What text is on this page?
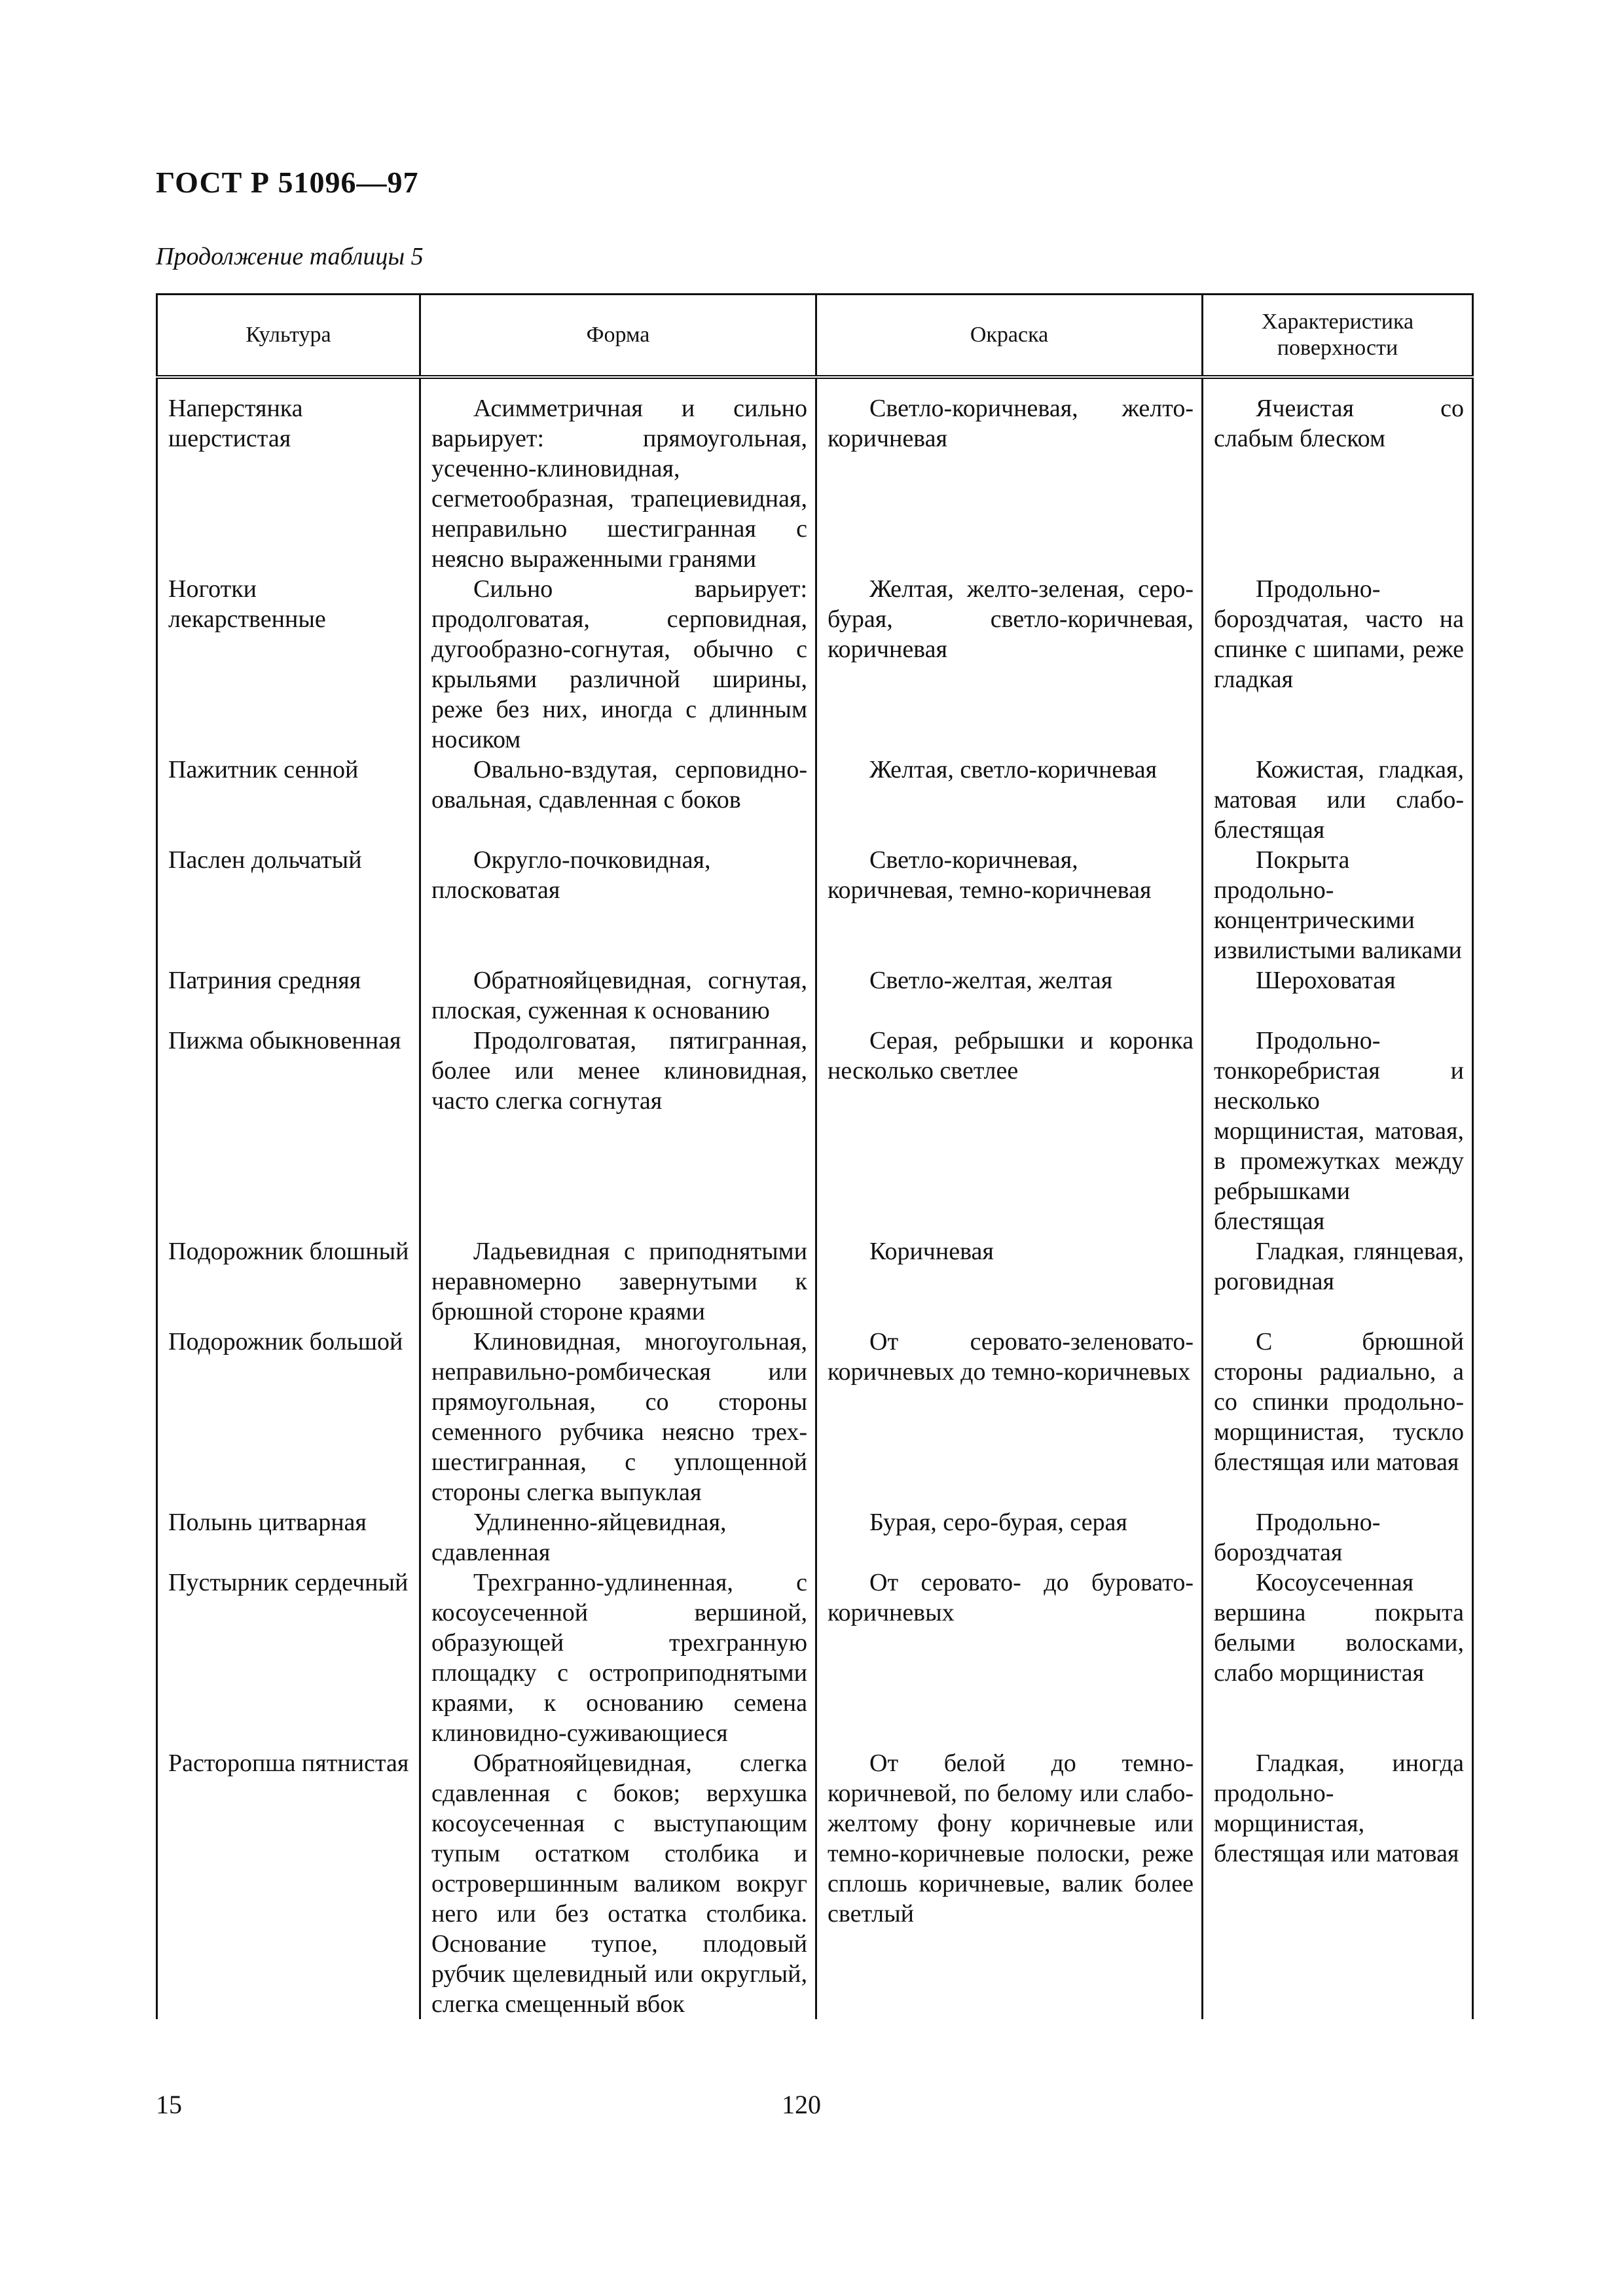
ГОСТ Р 51096—97
Продолжение таблицы 5
Культура	Форма	Окраска	Характеристика поверхности
Наперстянка шерстистая	Асимметричная и сильно варьирует: прямоугольная, усеченно-клиновидная, сегметообразная, трапециевидная, неправильно шестигранная с неясно выраженными гранями	Светло-коричневая, желто-коричневая	Ячеистая со слабым блеском
Ноготки лекарственные	Сильно варьирует: продолговатая, серповидная, дугообразно-согнутая, обычно с крыльями различной ширины, реже без них, иногда с длинным носиком	Желтая, желто-зеленая, серо-бурая, светло-коричневая, коричневая	Продольно-бороздчатая, часто на спинке с шипами, реже гладкая
Пажитник сенной	Овально-вздутая, серповидно-овальная, сдавленная с боков	Желтая, светло-коричневая	Кожистая, гладкая, матовая или слабо-блестящая
Паслен дольчатый	Округло-почковидная, плосковатая	Светло-коричневая, коричневая, темно-коричневая	Покрыта продольно-концентрическими извилистыми валиками
Патриния средняя	Обратнояйцевидная, согнутая, плоская, суженная к основанию	Светло-желтая, желтая	Шероховатая
Пижма обыкновенная	Продолговатая, пятигранная, более или менее клиновидная, часто слегка согнутая	Серая, ребрышки и коронка несколько светлее	Продольно-тонкоребристая и несколько морщинистая, матовая, в промежутках между ребрышками блестящая
Подорожник блошный	Ладьевидная с приподнятыми неравномерно завернутыми к брюшной стороне краями	Коричневая	Гладкая, глянцевая, роговидная
Подорожник большой	Клиновидная, многоугольная, неправильно-ромбическая или прямоугольная, со стороны семенного рубчика неясно трех-шестигранная, с уплощенной стороны слегка выпуклая	От серовато-зеленовато-коричневых до темно-коричневых	С брюшной стороны радиально, а со спинки продольно-морщинистая, тускло блестящая или матовая
Полынь цитварная	Удлиненно-яйцевидная, сдавленная	Бурая, серо-бурая, серая	Продольно-бороздчатая
Пустырник сердечный	Трехгранно-удлиненная, с косоусеченной вершиной, образующей трехгранную площадку с остроприподнятыми краями, к основанию семена клиновидно-суживающиеся	От серовато- до буровато-коричневых	Косоусеченная вершина покрыта белыми волосками, слабо морщинистая
Расторопша пятнистая	Обратнояйцевидная, слегка сдавленная с боков; верхушка косоусеченная с выступающим тупым остатком столбика и островершинным валиком вокруг него или без остатка столбика. Основание тупое, плодовый рубчик щелевидный или округлый, слегка смещенный вбок	От белой до темно-коричневой, по белому или слабо-желтому фону коричневые или темно-коричневые полоски, реже сплошь коричневые, валик более светлый	Гладкая, иногда продольно-морщинистая, блестящая или матовая
15	120
